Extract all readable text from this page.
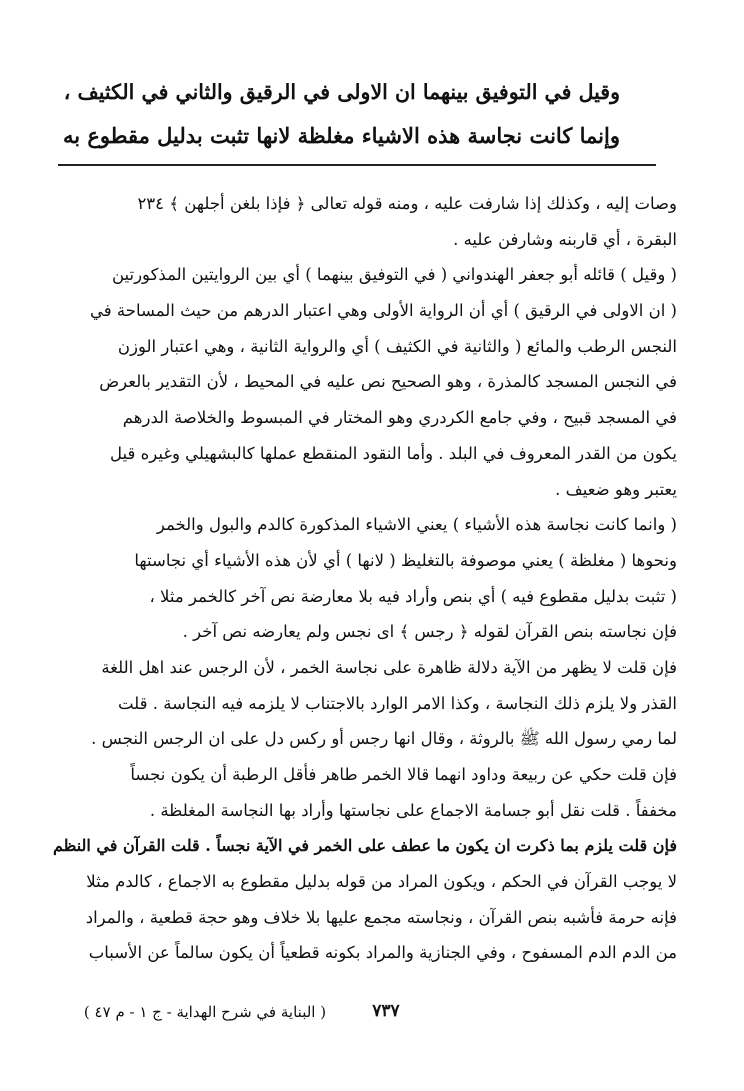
وقيل في التوفيق بينهما ان الاولى في الرقيق والثاني في الكثيف ،
وإنما كانت نجاسة هذه الاشياء مغلظة لانها تثبت بدليل مقطوع به
وصات إليه ، وكذلك إذا شارفت عليه ، ومنه قوله تعالى ﴿ فإذا بلغن أجلهن ﴾ ٢٣٤
البقرة ، أي قاربنه وشارفن عليه .
( وقيل ) قائله أبو جعفر الهندواني ( في التوفيق بينهما ) أي بين الروايتين المذكورتين
( ان الاولى في الرقيق ) أي أن الرواية الأولى وهي اعتبار الدرهم من حيث المساحة في
النجس الرطب والمائع ( والثانية في الكثيف ) أي والرواية الثانية ، وهي اعتبار الوزن
في النجس المسجد كالمذرة ، وهو الصحيح نص عليه في المحيط ، لأن التقدير بالعرض
في المسجد قبيح ، وفي جامع الكردري وهو المختار في المبسوط والخلاصة الدرهم
يكون من القدر المعروف في البلد . وأما النقود المنقطع عملها كالبشهيلي وغيره قيل
يعتبر وهو ضعيف .
( وانما كانت نجاسة هذه الأشياء ) يعني الاشياء المذكورة كالدم والبول والخمر
ونحوها ( مغلظة ) يعني موصوفة بالتغليظ ( لانها ) أي لأن هذه الأشياء أي نجاستها
( تثبت بدليل مقطوع فيه ) أي بنص وأراد فيه بلا معارضة نص آخر كالخمر مثلا ،
فإن نجاسته بنص القرآن لقوله ﴿ رجس ﴾ اى نجس ولم يعارضه نص آخر .
فإن قلت لا يظهر من الآية دلالة ظاهرة على نجاسة الخمر ، لأن الرجس عند اهل اللغة
القذر ولا يلزم ذلك النجاسة ، وكذا الامر الوارد بالاجتناب لا يلزمه فيه النجاسة . قلت
لما رمي رسول الله ﷺ بالروثة ، وقال انها رجس أو ركس دل على ان الرجس النجس .
فإن قلت حكي عن ربيعة وداود انهما قالا الخمر طاهر فأقل الرطبة أن يكون نجساً
مخففاً . قلت نقل أبو جسامة الاجماع على نجاستها وأراد بها النجاسة المغلظة .
فإن قلت يلزم بما ذكرت ان يكون ما عطف على الخمر في الآية نجساً . قلت القرآن في النظم
لا يوجب القرآن في الحكم ، ويكون المراد من قوله بدليل مقطوع به الاجماع ، كالدم مثلا
فإنه حرمة فأشبه بنص القرآن ، ونجاسته مجمع عليها بلا خلاف وهو حجة قطعية ، والمراد
من الدم الدم المسفوح ، وفي الجنازية والمراد بكونه قطعياً أن يكون سالماً عن الأسباب
٧٣٧
( البناية في شرح الهداية - ج ١ - م ٤٧ )
